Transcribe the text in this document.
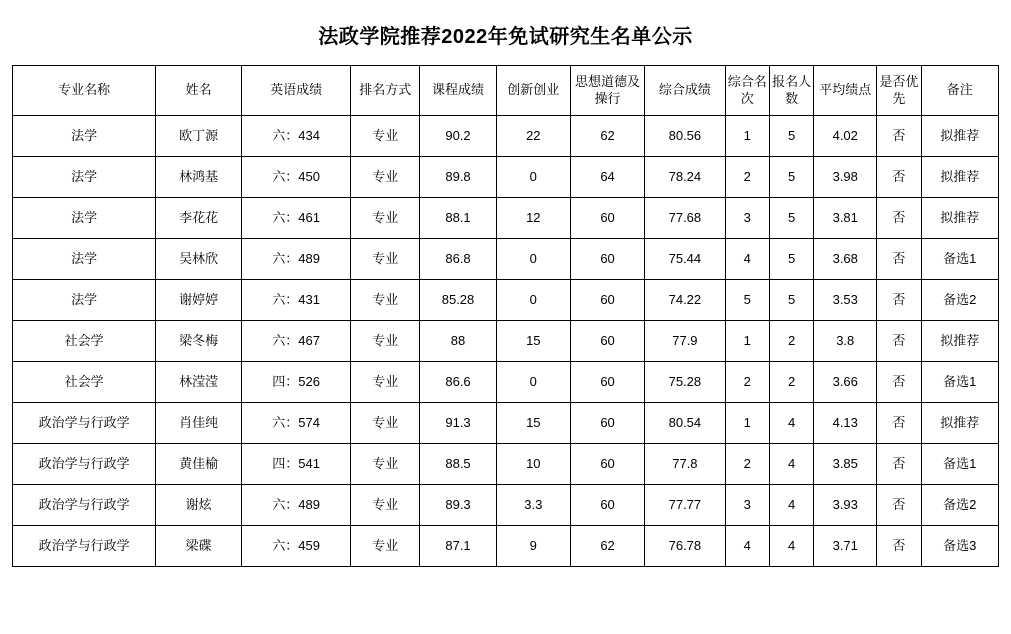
法政学院推荐2022年免试研究生名单公示
专业名称	姓名	英语成绩	排名方式	课程成绩	创新创业	思想道德及操行	综合成绩	综合名次	报名人数	平均绩点	是否优先	备注
法学	欧丁源	六：434	专业	90.2	22	62	80.56	1	5	4.02	否	拟推荐
法学	林鸿基	六：450	专业	89.8	0	64	78.24	2	5	3.98	否	拟推荐
法学	李花花	六：461	专业	88.1	12	60	77.68	3	5	3.81	否	拟推荐
法学	吴林欣	六：489	专业	86.8	0	60	75.44	4	5	3.68	否	备选1
法学	谢婷婷	六：431	专业	85.28	0	60	74.22	5	5	3.53	否	备选2
社会学	梁冬梅	六：467	专业	88	15	60	77.9	1	2	3.8	否	拟推荐
社会学	林滢滢	四：526	专业	86.6	0	60	75.28	2	2	3.66	否	备选1
政治学与行政学	肖佳纯	六：574	专业	91.3	15	60	80.54	1	4	4.13	否	拟推荐
政治学与行政学	黄佳榆	四：541	专业	88.5	10	60	77.8	2	4	3.85	否	备选1
政治学与行政学	谢炫	六：489	专业	89.3	3.3	60	77.77	3	4	3.93	否	备选2
政治学与行政学	梁碟	六：459	专业	87.1	9	62	76.78	4	4	3.71	否	备选3
